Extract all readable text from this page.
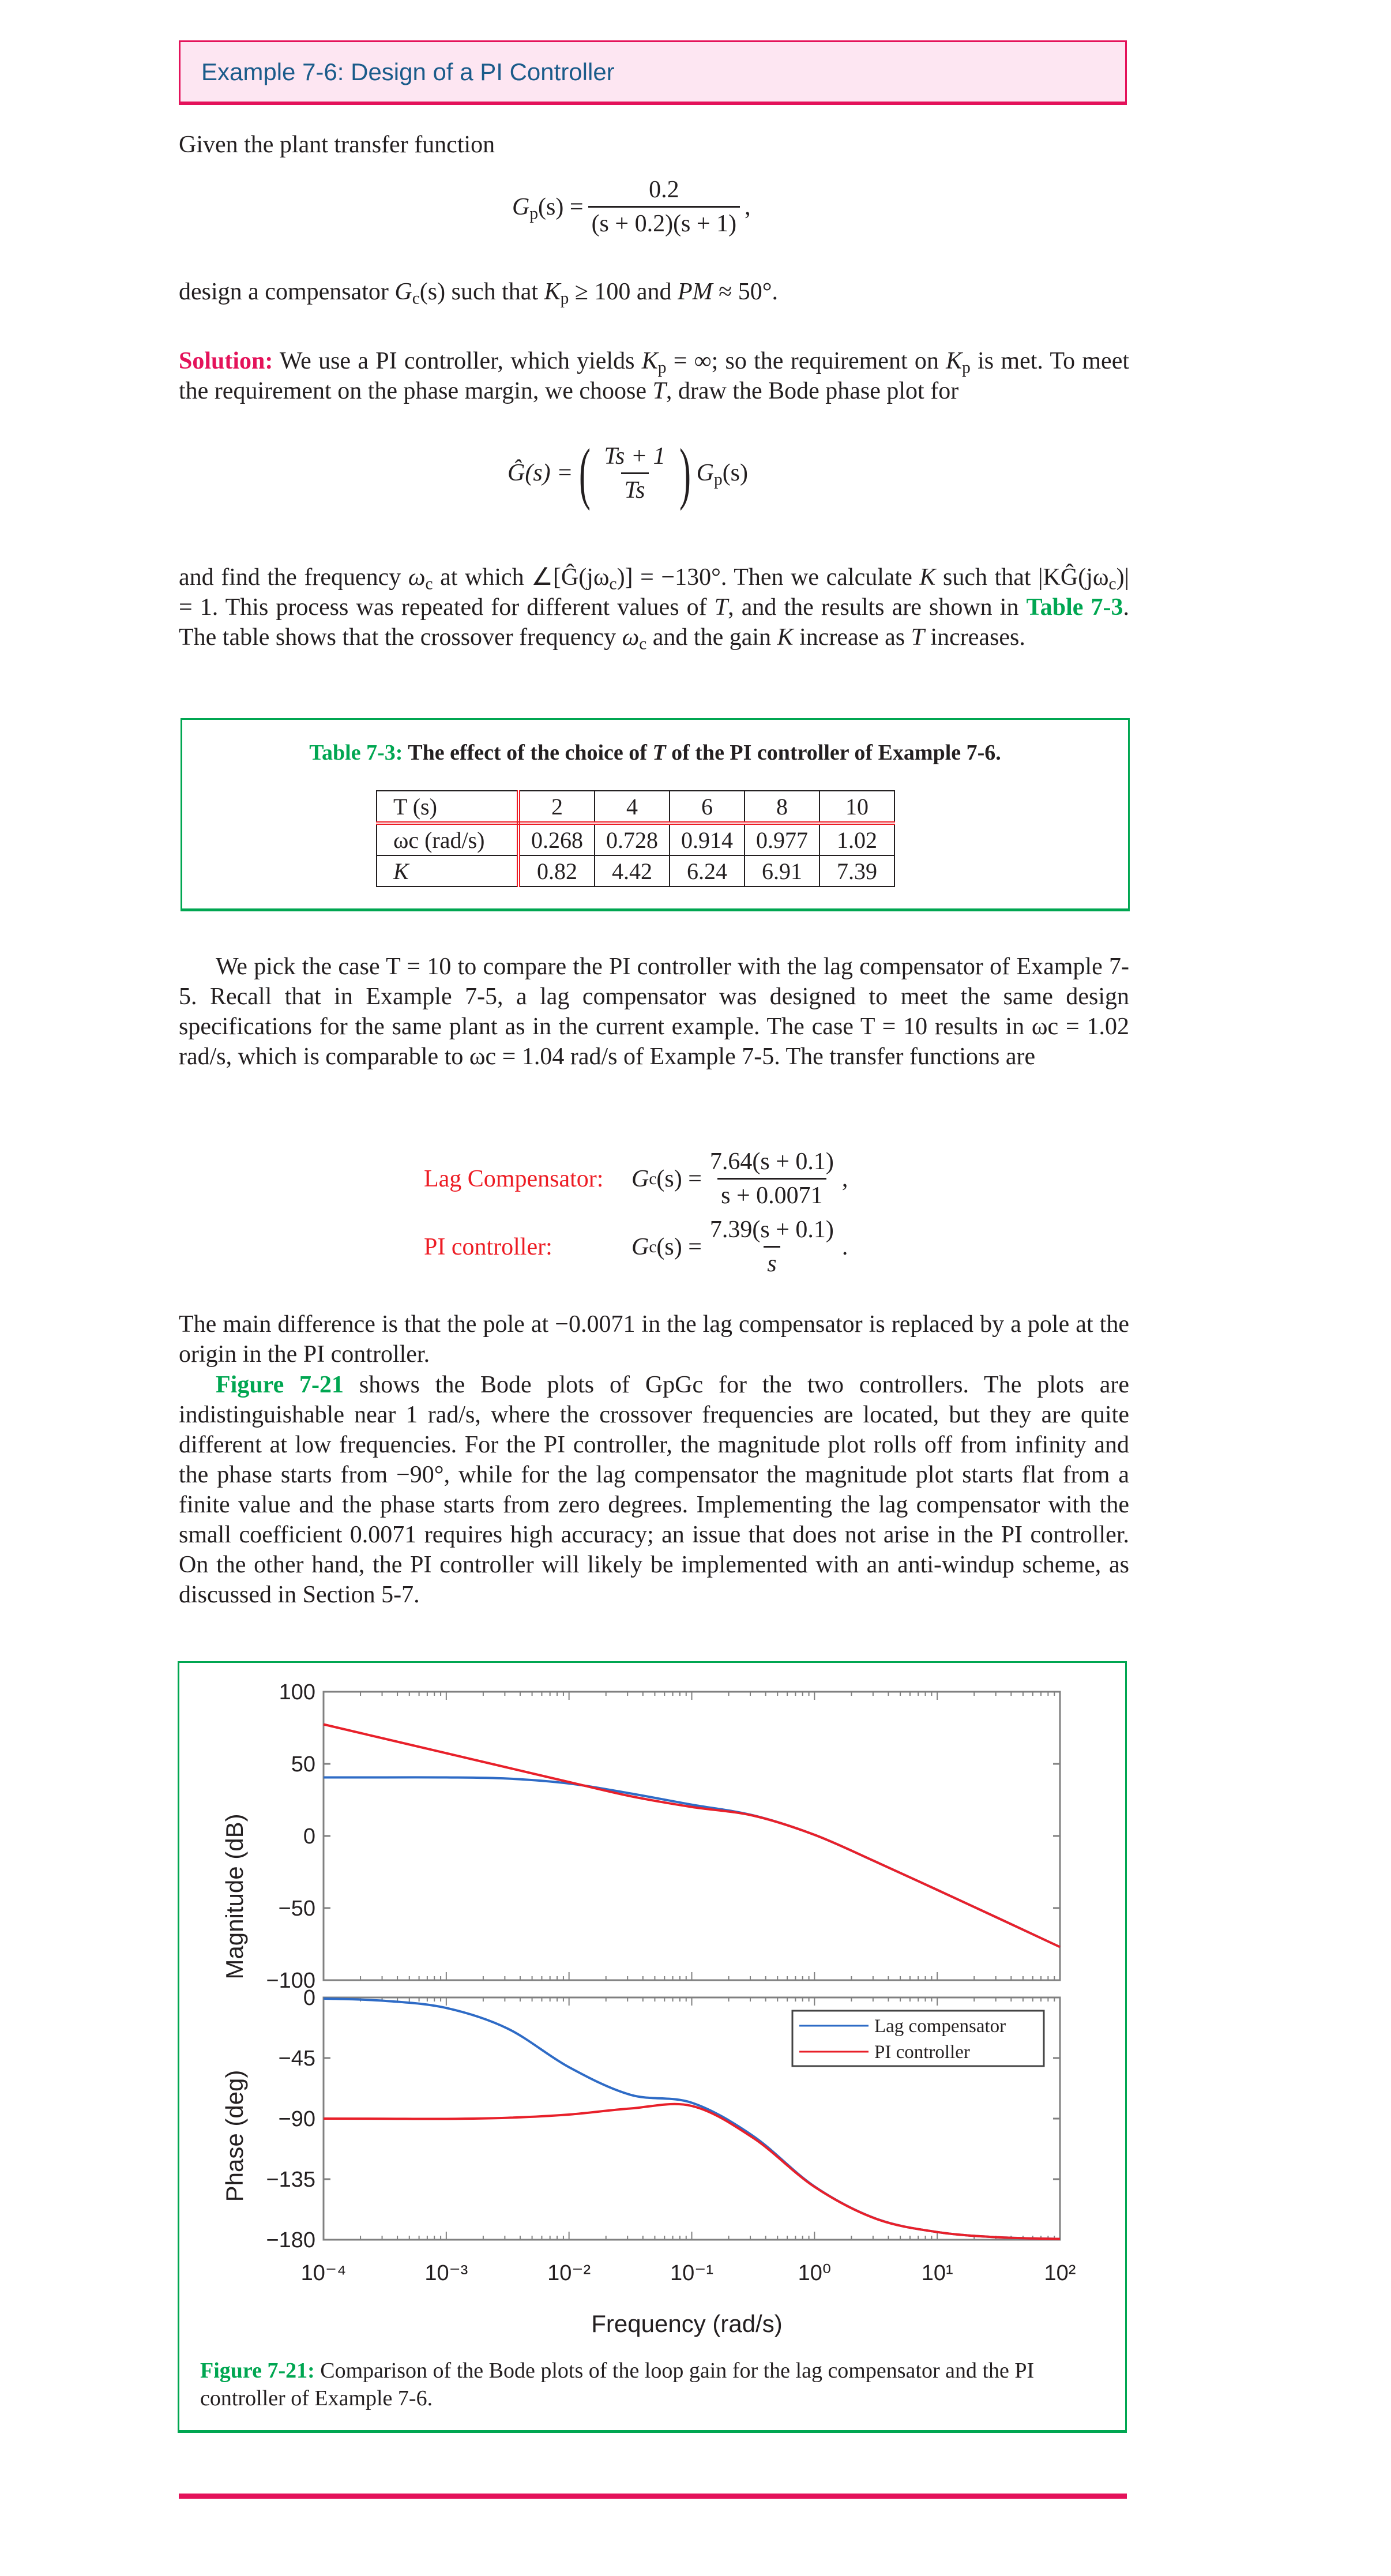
Example 7-6: Design of a PI Controller
Given the plant transfer function
$G_p(s) = \frac{0.2}{(s + 0.2)(s + 1)}$ ,
design a compensator $G_c(s)$ such that $K_p \ge 100$ and PM ≈ 50°.
Solution: We use a PI controller, which yields $K_p$ = ∞; so the requirement on $K_p$ is met. To meet the requirement on the phase margin, we choose T, draw the Bode phase plot for
Ĝ(s) = ( $\frac{Ts + 1}{Ts}$ ) $G_p(s)$
and find the frequency $\omega_c$ at which $\angle[Ĝ(j\omega_c)] = -130^\circ$. Then we calculate K such that $|KĜ(j\omega_c)| = 1$. This process was repeated for different values of T, and the results are shown in Table 7-3. The table shows that the crossover frequency $\omega_c$ and the gain K increase as T increases.
Table 7-3: The effect of the choice of T of the PI controller of Example 7-6.
T (s)	2	4	6	8	10
ωc (rad/s)	0.268	0.728	0.914	0.977	1.02
K	0.82	4.42	6.24	6.91	7.39
We pick the case T = 10 to compare the PI controller with the lag compensator of Example 7-5. Recall that in Example 7-5, a lag compensator was designed to meet the same design specifications for the same plant as in the current example. The case T = 10 results in ωc = 1.02 rad/s, which is comparable to ωc = 1.04 rad/s of Example 7-5. The transfer functions are
Lag Compensator:	G c $(s) = \frac{7.64(s + 0.1)}{s + 0.0071}$ ,
PI controller:	G c $(s) = \frac{7.39(s + 0.1)}{s}$ .
The main difference is that the pole at −0.0071 in the lag compensator is replaced by a pole at the origin in the PI controller.
Figure 7-21 shows the Bode plots of GpGc for the two controllers. The plots are indistinguishable near 1 rad/s, where the crossover frequencies are located, but they are quite different at low frequencies. For the PI controller, the magnitude plot rolls off from infinity and the phase starts from −90°, while for the lag compensator the magnitude plot starts flat from a finite value and the phase starts from zero degrees. Implementing the lag compensator with the small coefficient 0.0071 requires high accuracy; an issue that does not arise in the PI controller. On the other hand, the PI controller will likely be implemented with an anti-windup scheme, as discussed in Section 5-7.
100
50
0
−50
−100
0
−45
−90
−135
−180
10⁻⁴	10⁻³	10⁻²	10⁻¹	10⁰	10¹	10²
Magnitude (dB)
Phase (deg)
Frequency (rad/s)
Lag compensator
PI controller
Figure 7-21: Comparison of the Bode plots of the loop gain for the lag compensator and the PI controller of Example 7-6.
